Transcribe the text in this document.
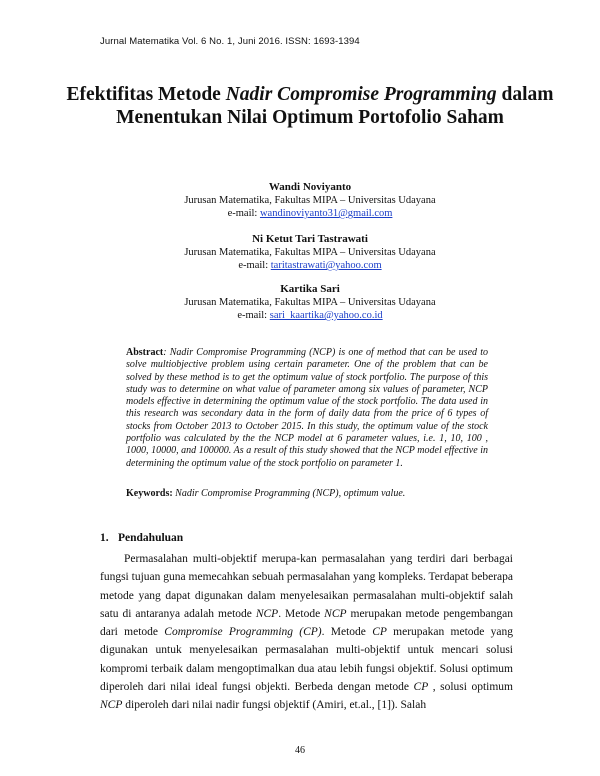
Jurnal Matematika Vol. 6 No. 1, Juni 2016. ISSN: 1693-1394
Efektifitas Metode Nadir Compromise Programming dalam Menentukan Nilai Optimum Portofolio Saham
Wandi Noviyanto
Jurusan Matematika, Fakultas MIPA – Universitas Udayana
e-mail: wandinoviyanto31@gmail.com
Ni Ketut Tari Tastrawati
Jurusan Matematika, Fakultas MIPA – Universitas Udayana
e-mail: taritastrawati@yahoo.com
Kartika Sari
Jurusan Matematika, Fakultas MIPA – Universitas Udayana
e-mail: sari_kaartika@yahoo.co.id
Abstract: Nadir Compromise Programming (NCP) is one of method that can be used to solve multiobjective problem using certain parameter. One of the problem that can be solved by these method is to get the optimum value of stock portfolio. The purpose of this study was to determine on what value of parameter among six values of parameter, NCP models effective in determining the optimum value of the stock portfolio. The data used in this research was secondary data in the form of daily data from the price of 6 types of stocks from October 2013 to October 2015. In this study, the optimum value of the stock portfolio was calculated by the the NCP model at 6 parameter values, i.e. 1, 10, 100 , 1000, 10000, and 100000. As a result of this study showed that the NCP model effective in determining the optimum value of the stock portfolio on parameter 1.
Keywords: Nadir Compromise Programming (NCP), optimum value.
1. Pendahuluan

Permasalahan multi-objektif merupa-kan permasalahan yang terdiri dari berbagai fungsi tujuan guna memecahkan sebuah permasalahan yang kompleks. Terdapat beberapa metode yang dapat digunakan dalam menyelesaikan permasalahan multi-objektif salah satu di antaranya adalah metode NCP. Metode NCP merupakan metode pengembangan dari metode Compromise Programming (CP). Metode CP merupakan metode yang digunakan untuk menyelesaikan permasalahan multi-objektif untuk mencari solusi kompromi terbaik dalam mengoptimalkan dua atau lebih fungsi objektif. Solusi optimum diperoleh dari nilai ideal fungsi objekti. Berbeda dengan metode CP , solusi optimum NCP diperoleh dari nilai nadir fungsi objektif (Amiri, et.al., [1]). Salah

46
